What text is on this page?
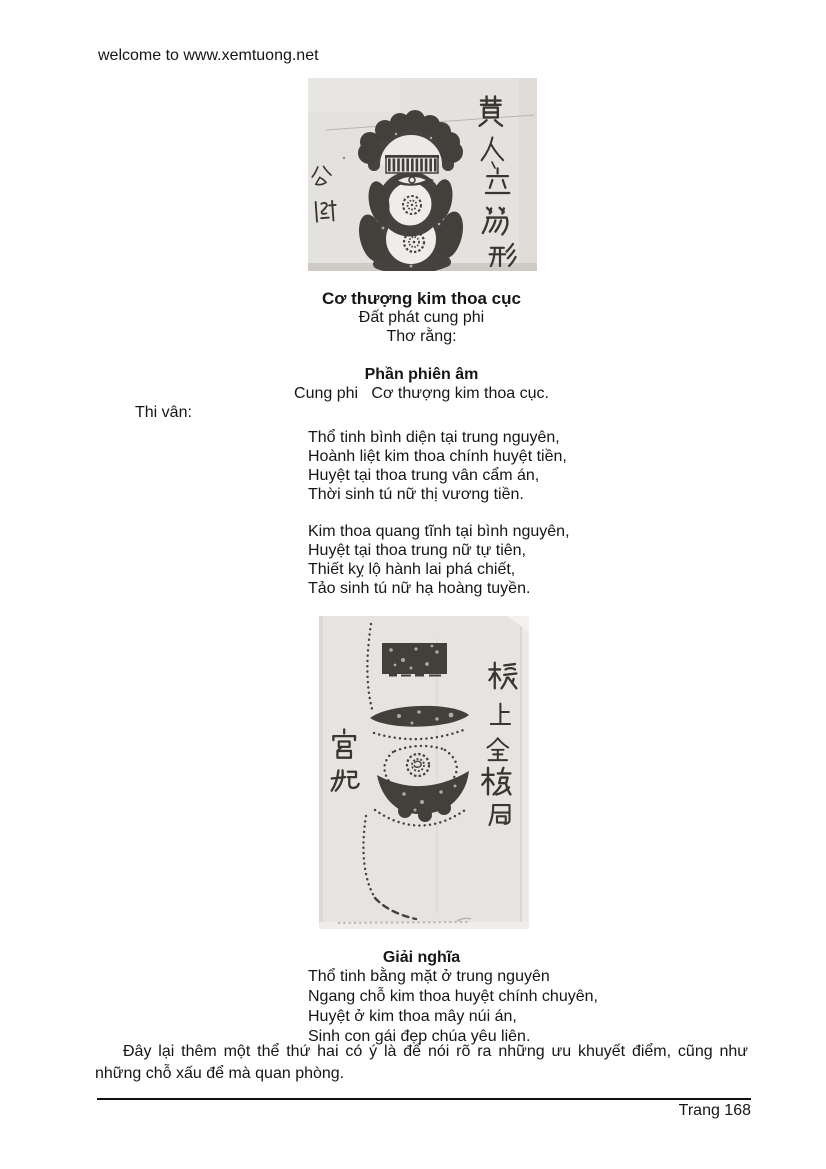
welcome to www.xemtuong.net
Cơ thượng kim thoa cục
Đất phát cung phi
Thơ rằng:
Phần phiên âm
Cung phi   Cơ thượng kim thoa cục.
Thi vân:
Thổ tinh bình diện tại trung nguyên,
Hoành liệt kim thoa chính huyệt tiền,
Huyệt tại thoa trung vân cẩm án,
Thời sinh tú nữ thị vương tiền.
Kim thoa quang tĩnh tại bình nguyên,
Huyệt tại thoa trung nữ tự tiên,
Thiết kỵ lộ hành lai phá chiết,
Tảo sinh tú nữ hạ hoàng tuyền.
Giải nghĩa
Thổ tinh bằng mặt ở trung nguyên
Ngang chỗ kim thoa huyệt chính chuyên,
Huyệt ở kim thoa mây núi án,
Sinh con gái đẹp chúa yêu liên.
Đây lại thêm một thể thứ hai có ý là để nói rõ ra những ưu khuyết điểm, cũng như những chỗ xấu để mà quan phòng.
Trang 168
